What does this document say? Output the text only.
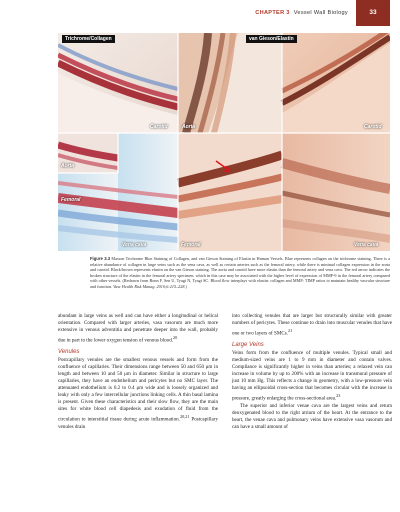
CHAPTER 3 Vessel Wall Biology	33
Trichrome/Collagen	van Gieson/Elastin
Carotid	Aorta	Carotid
Aorta
Femoral
Vena cava	Femoral	Vena cava
Figure 3.3 Masson Trichrome Blue Staining of Collagen, and van Gieson Staining of Elastin in Human Vessels. Blue represents collagen on the trichrome staining. There is a relative abundance of collagen in large veins such as the vena cava, as well as certain arteries such as the femoral artery, while there is minimal collagen expression in the aorta and carotid. Black/brown represents elastin on the van Gieson staining. The aorta and carotid have more elastin than the femoral artery and vena cava. The red arrow indicates the broken structure of the elastin in the femoral artery specimen, which in this case may be associated with the higher level of expression of MMP-9 in the femoral artery compared with other vessels. (Redrawn from Bonn F, Sen U, Tyagi N, Tyagi SC. Blood flow interplays with elastin: collagen and MMP: TIMP ratios to maintain healthy vascular structure and function. Vasc Health Risk Manag. 2010;6:215–228.)

abundant in large veins as well and can have either a longitudinal or helical orientation. Compared with larger arteries, vasa vasorum are much more extensive in venous adventitia and penetrate deeper into the wall, probably due in part to the lower oxygen tension of venous blood.$^{20}$

Venules

Postcapillary venules are the smallest venous vessels and form from the confluence of capillaries. Their dimensions range between 50 and 650 μm in length and between 10 and 50 μm in diameter. Similar in structure to large capillaries, they have an endothelium and pericytes but no SMC layer. The attenuated endothelium is 0.2 to 0.4 μm wide and is loosely organized and leaky with only a few intercellular junctions linking cells. A thin basal lamina is present. Given these characteristics and their slow flow, they are the main sites for white blood cell diapedesis and exudation of fluid from the circulation to interstitial tissue during acute inflammation.$^{20,21}$ Postcapillary venules drain

into collecting venules that are larger but structurally similar with greater numbers of pericytes. These continue to drain into muscular venules that have one or two layers of SMCs.$^{21}$

Large Veins

Veins form from the confluence of multiple venules. Typical small and medium-sized veins are 1 to 9 mm in diameter and contain valves. Compliance is significantly higher in veins than arteries; a relaxed vein can increase in volume by up to 200% with an increase in transmural pressure of just 10 mm Hg. This reflects a change in geometry, with a low-pressure vein having an ellipsoidal cross-section that becomes circular with the increase in pressure, greatly enlarging the cross-sectional area.$^{23}$

The superior and inferior venae cava are the largest veins and return deoxygenated blood to the right atrium of the heart. At the entrance to the heart, the venae cava and pulmonary veins have extensive vasa vasorum and can have a small amount of
